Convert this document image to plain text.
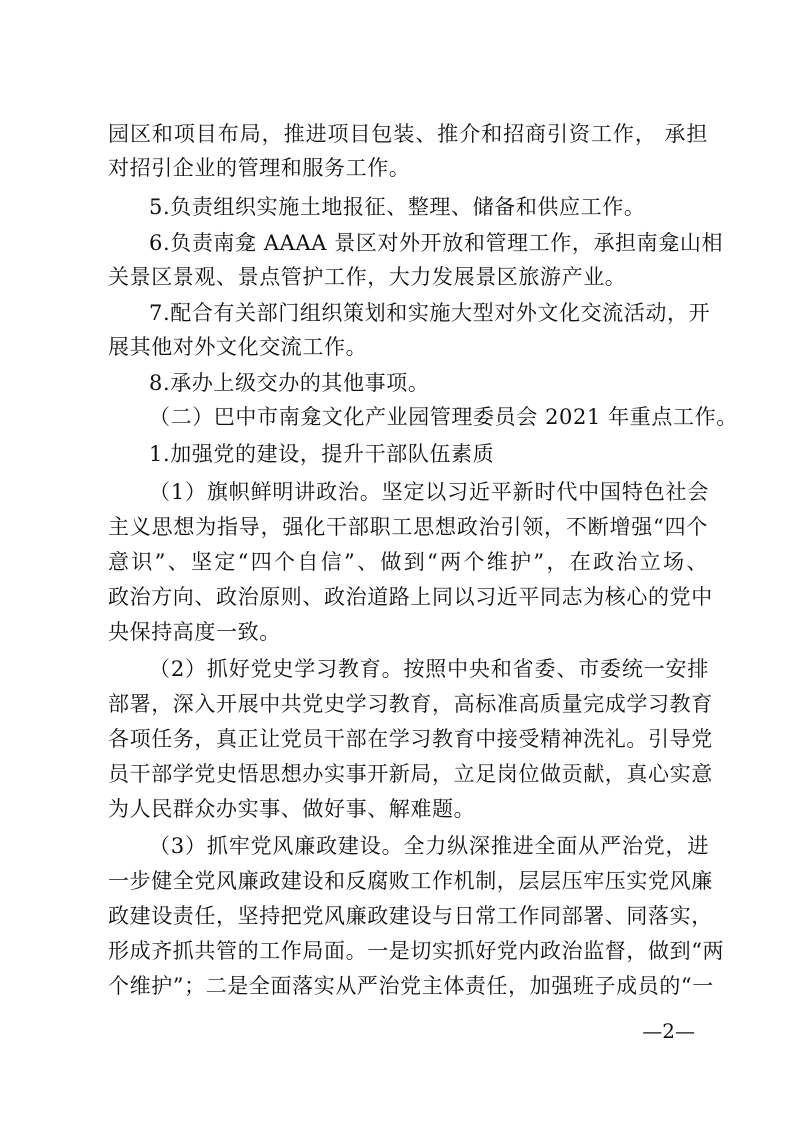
园区和项目布局，推进项目包装、推介和招商引资工作， 承担
对招引企业的管理和服务工作。
5.负责组织实施土地报征、整理、储备和供应工作。
6.负责南龛 AAAA 景区对外开放和管理工作，承担南龛山相
关景区景观、景点管护工作，大力发展景区旅游产业。
7.配合有关部门组织策划和实施大型对外文化交流活动，开
展其他对外文化交流工作。
8.承办上级交办的其他事项。
（二）巴中市南龛文化产业园管理委员会 2021 年重点工作。
1.加强党的建设，提升干部队伍素质
（1）旗帜鲜明讲政治。坚定以习近平新时代中国特色社会
主义思想为指导，强化干部职工思想政治引领，不断增强“四个
意识”、坚定“四个自信”、做到“两个维护”，在政治立场、
政治方向、政治原则、政治道路上同以习近平同志为核心的党中
央保持高度一致。
（2）抓好党史学习教育。按照中央和省委、市委统一安排
部署，深入开展中共党史学习教育，高标准高质量完成学习教育
各项任务，真正让党员干部在学习教育中接受精神洗礼。引导党
员干部学党史悟思想办实事开新局，立足岗位做贡献，真心实意
为人民群众办实事、做好事、解难题。
（3）抓牢党风廉政建设。全力纵深推进全面从严治党，进
一步健全党风廉政建设和反腐败工作机制，层层压牢压实党风廉
政建设责任，坚持把党风廉政建设与日常工作同部署、同落实，
形成齐抓共管的工作局面。一是切实抓好党内政治监督，做到“两
个维护”；二是全面落实从严治党主体责任，加强班子成员的“一
—2—
